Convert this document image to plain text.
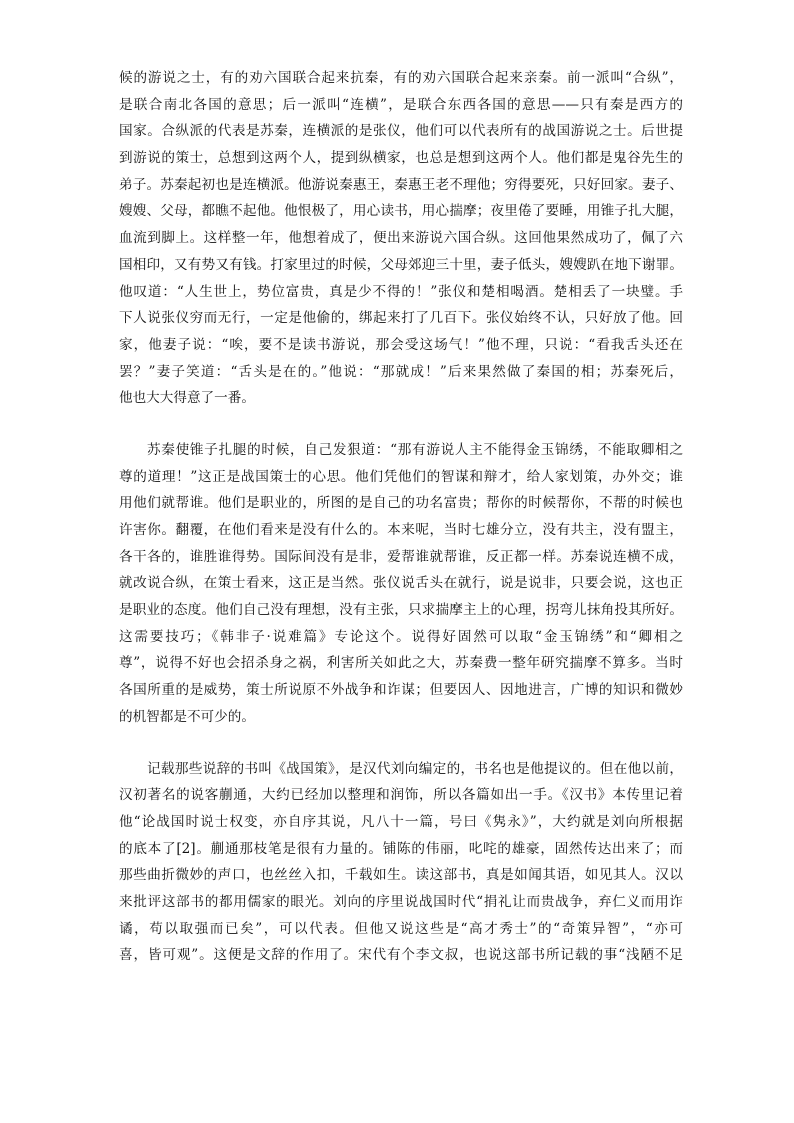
候的游说之士，有的劝六国联合起来抗秦，有的劝六国联合起来亲秦。前一派叫“合纵”，
是联合南北各国的意思；后一派叫“连横”，是联合东西各国的意思——只有秦是西方的
国家。合纵派的代表是苏秦，连横派的是张仪，他们可以代表所有的战国游说之士。后世提
到游说的策士，总想到这两个人，提到纵横家，也总是想到这两个人。他们都是鬼谷先生的
弟子。苏秦起初也是连横派。他游说秦惠王，秦惠王老不理他；穷得要死，只好回家。妻子、
嫂嫂、父母，都瞧不起他。他恨极了，用心读书，用心揣摩；夜里倦了要睡，用锥子扎大腿，
血流到脚上。这样整一年，他想着成了，便出来游说六国合纵。这回他果然成功了，佩了六
国相印，又有势又有钱。打家里过的时候，父母郊迎三十里，妻子低头，嫂嫂趴在地下谢罪。
他叹道：“人生世上，势位富贵，真是少不得的！”张仪和楚相喝酒。楚相丢了一块璧。手
下人说张仪穷而无行，一定是他偷的，绑起来打了几百下。张仪始终不认，只好放了他。回
家，他妻子说：“唉，要不是读书游说，那会受这场气！”他不理，只说：“看我舌头还在
罢？”妻子笑道：“舌头是在的。”他说：“那就成！”后来果然做了秦国的相；苏秦死后，
他也大大得意了一番。
苏秦使锥子扎腿的时候，自己发狠道：“那有游说人主不能得金玉锦绣，不能取卿相之
尊的道理！”这正是战国策士的心思。他们凭他们的智谋和辩才，给人家划策，办外交；谁
用他们就帮谁。他们是职业的，所图的是自己的功名富贵；帮你的时候帮你，不帮的时候也
许害你。翻覆，在他们看来是没有什么的。本来呢，当时七雄分立，没有共主，没有盟主，
各干各的，谁胜谁得势。国际间没有是非，爱帮谁就帮谁，反正都一样。苏秦说连横不成，
就改说合纵，在策士看来，这正是当然。张仪说舌头在就行，说是说非，只要会说，这也正
是职业的态度。他们自己没有理想，没有主张，只求揣摩主上的心理，拐弯儿抹角投其所好。
这需要技巧；《韩非子·说难篇》专论这个。说得好固然可以取“金玉锦绣”和“卿相之
尊”，说得不好也会招杀身之祸，利害所关如此之大，苏秦费一整年研究揣摩不算多。当时
各国所重的是威势，策士所说原不外战争和诈谋；但要因人、因地进言，广博的知识和微妙
的机智都是不可少的。
记载那些说辞的书叫《战国策》，是汉代刘向编定的，书名也是他提议的。但在他以前，
汉初著名的说客蒯通，大约已经加以整理和润饰，所以各篇如出一手。《汉书》本传里记着
他“论战国时说士权变，亦自序其说，凡八十一篇，号曰《隽永》”，大约就是刘向所根据
的底本了[2]。蒯通那枝笔是很有力量的。铺陈的伟丽，叱咤的雄豪，固然传达出来了；而
那些曲折微妙的声口，也丝丝入扣，千载如生。读这部书，真是如闻其语，如见其人。汉以
来批评这部书的都用儒家的眼光。刘向的序里说战国时代“捐礼让而贵战争，弃仁义而用诈
谲，苟以取强而已矣”，可以代表。但他又说这些是“高才秀士”的“奇策异智”，“亦可
喜，皆可观”。这便是文辞的作用了。宋代有个李文叔，也说这部书所记载的事“浅陋不足
